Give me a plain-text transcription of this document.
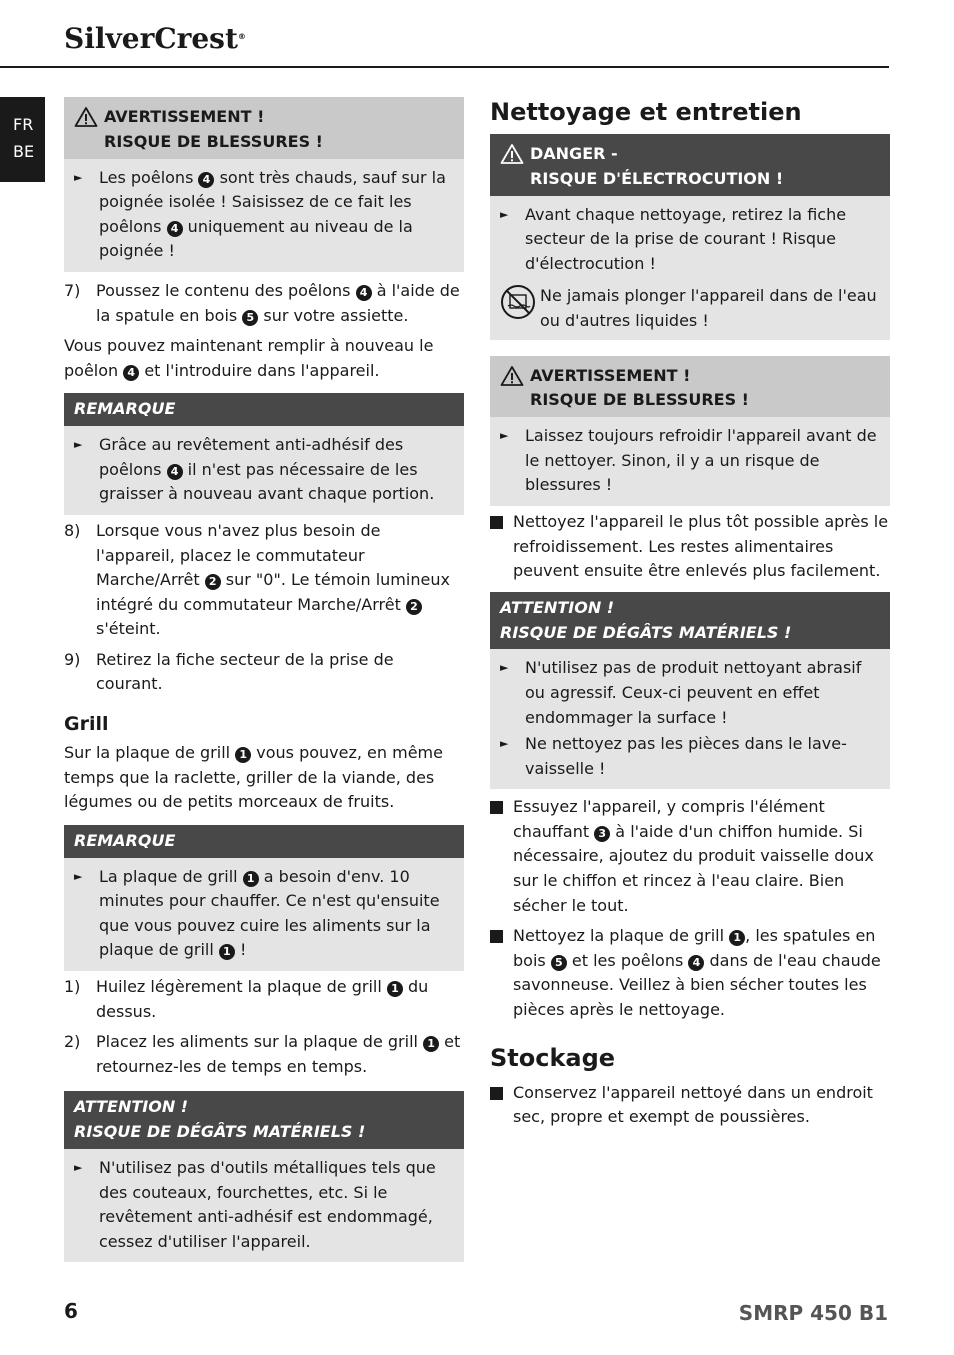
SilverCrest®
FR
BE
AVERTISSEMENT !
RISQUE DE BLESSURES !
►	Les poêlons 4 sont très chauds, sauf sur la poignée isolée ! Saisissez de ce fait les poêlons 4 uniquement au niveau de la poignée !
7) Poussez le contenu des poêlons 4 à l'aide de la spatule en bois 5 sur votre assiette.

Vous pouvez maintenant remplir à nouveau le poêlon 4 et l'introduire dans l'appareil.

REMARQUE
►	Grâce au revêtement anti-adhésif des poêlons 4 il n'est pas nécessaire de les graisser à nouveau avant chaque portion.
8) Lorsque vous n'avez plus besoin de l'appareil, placez le commutateur Marche/Arrêt 2 sur "0". Le témoin lumineux intégré du commutateur Marche/Arrêt 2 s'éteint.
9) Retirez la fiche secteur de la prise de courant.
Grill

Sur la plaque de grill 1 vous pouvez, en même temps que la raclette, griller de la viande, des légumes ou de petits morceaux de fruits.

REMARQUE
►	La plaque de grill 1 a besoin d'env. 10 minutes pour chauffer. Ce n'est qu'ensuite que vous pouvez cuire les aliments sur la plaque de grill 1 !
1) Huilez légèrement la plaque de grill 1 du dessus.
2) Placez les aliments sur la plaque de grill 1 et retournez-les de temps en temps.
ATTENTION !
RISQUE DE DÉGÂTS MATÉRIELS !
►	N'utilisez pas d'outils métalliques tels que des couteaux, fourchettes, etc. Si le revêtement anti-adhésif est endommagé, cessez d'utiliser l'appareil.
Nettoyage et entretien
DANGER -
RISQUE D'ÉLECTROCUTION !
►	Avant chaque nettoyage, retirez la fiche secteur de la prise de courant ! Risque d'électrocution !
Ne jamais plonger l'appareil dans de l'eau ou d'autres liquides !
AVERTISSEMENT !
RISQUE DE BLESSURES !
►	Laissez toujours refroidir l'appareil avant de le nettoyer. Sinon, il y a un risque de blessures !
Nettoyez l'appareil le plus tôt possible après le refroidissement. Les restes alimentaires peuvent ensuite être enlevés plus facilement.
ATTENTION !
RISQUE DE DÉGÂTS MATÉRIELS !
►	N'utilisez pas de produit nettoyant abrasif ou agressif. Ceux-ci peuvent en effet endommager la surface !
►	Ne nettoyez pas les pièces dans le lave-vaisselle !
Essuyez l'appareil, y compris l'élément chauffant 3 à l'aide d'un chiffon humide. Si nécessaire, ajoutez du produit vaisselle doux sur le chiffon et rincez à l'eau claire. Bien sécher le tout.
Nettoyez la plaque de grill 1 , les spatules en bois 5 et les poêlons 4 dans de l'eau chaude savonneuse. Veillez à bien sécher toutes les pièces après le nettoyage.
Stockage
Conservez l'appareil nettoyé dans un endroit sec, propre et exempt de poussières.
6	SMRP 450 B1
